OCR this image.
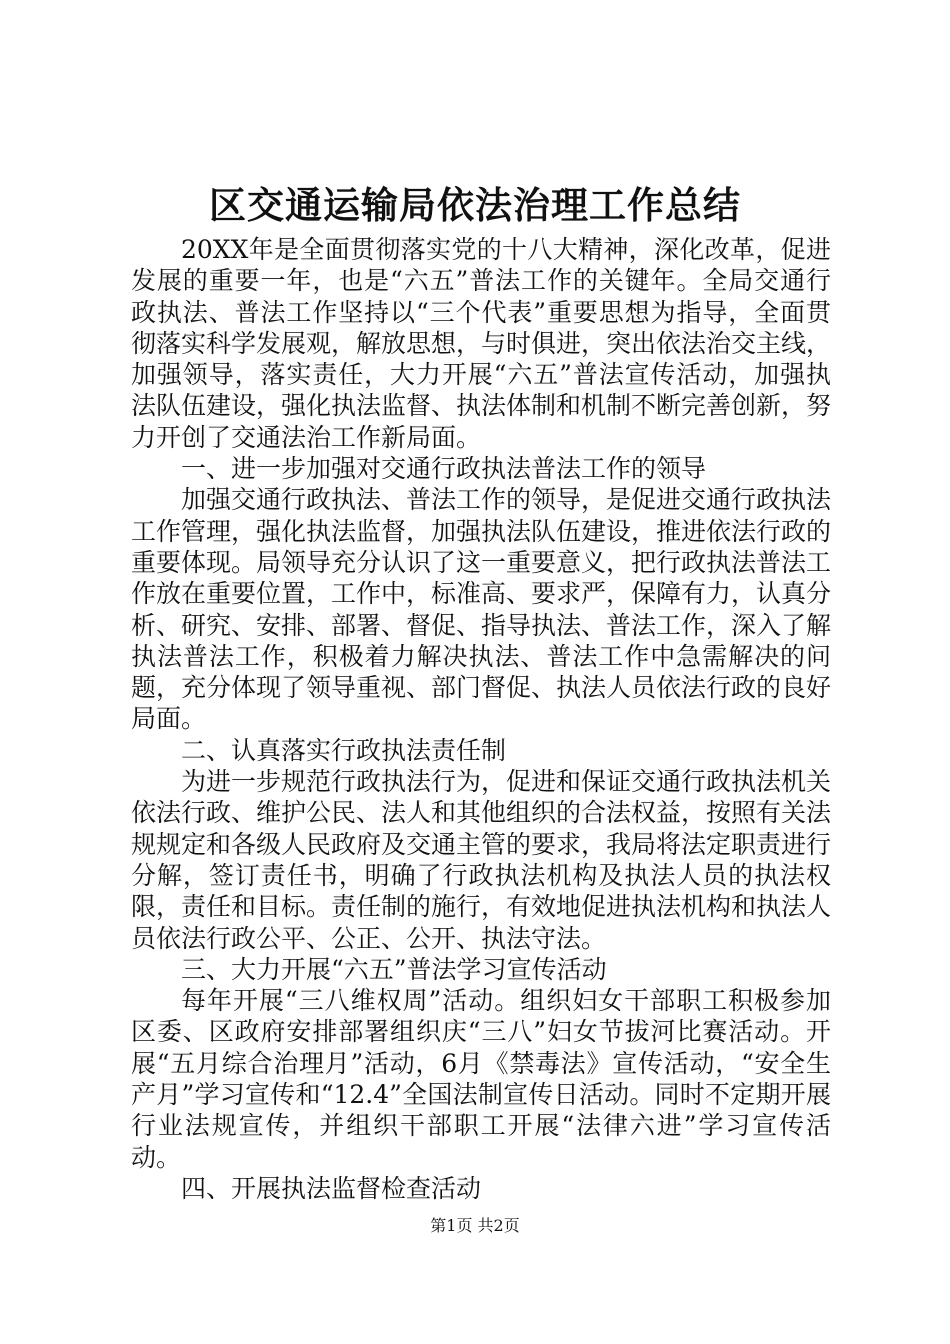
区交通运输局依法治理工作总结

20XX年是全面贯彻落实党的十八大精神，深化改革，促进发展的重要一年，也是“六五”普法工作的关键年。全局交通行政执法、普法工作坚持以“三个代表”重要思想为指导，全面贯彻落实科学发展观，解放思想，与时俱进，突出依法治交主线，加强领导，落实责任，大力开展“六五”普法宣传活动，加强执法队伍建设，强化执法监督、执法体制和机制不断完善创新，努力开创了交通法治工作新局面。

一、进一步加强对交通行政执法普法工作的领导

加强交通行政执法、普法工作的领导，是促进交通行政执法工作管理，强化执法监督，加强执法队伍建设，推进依法行政的重要体现。局领导充分认识了这一重要意义，把行政执法普法工作放在重要位置，工作中，标准高、要求严，保障有力，认真分析、研究、安排、部署、督促、指导执法、普法工作，深入了解执法普法工作，积极着力解决执法、普法工作中急需解决的问题，充分体现了领导重视、部门督促、执法人员依法行政的良好局面。

二、认真落实行政执法责任制

为进一步规范行政执法行为，促进和保证交通行政执法机关依法行政、维护公民、法人和其他组织的合法权益，按照有关法规规定和各级人民政府及交通主管的要求，我局将法定职责进行分解，签订责任书，明确了行政执法机构及执法人员的执法权限，责任和目标。责任制的施行，有效地促进执法机构和执法人员依法行政公平、公正、公开、执法守法。

三、大力开展“六五”普法学习宣传活动

每年开展“三八维权周”活动。组织妇女干部职工积极参加区委、区政府安排部署组织庆“三八”妇女节拔河比赛活动。开展“五月综合治理月”活动，6月《禁毒法》宣传活动，“安全生产月”学习宣传和“12.4”全国法制宣传日活动。同时不定期开展行业法规宣传，并组织干部职工开展“法律六进”学习宣传活动。

四、开展执法监督检查活动

第1页 共2页
